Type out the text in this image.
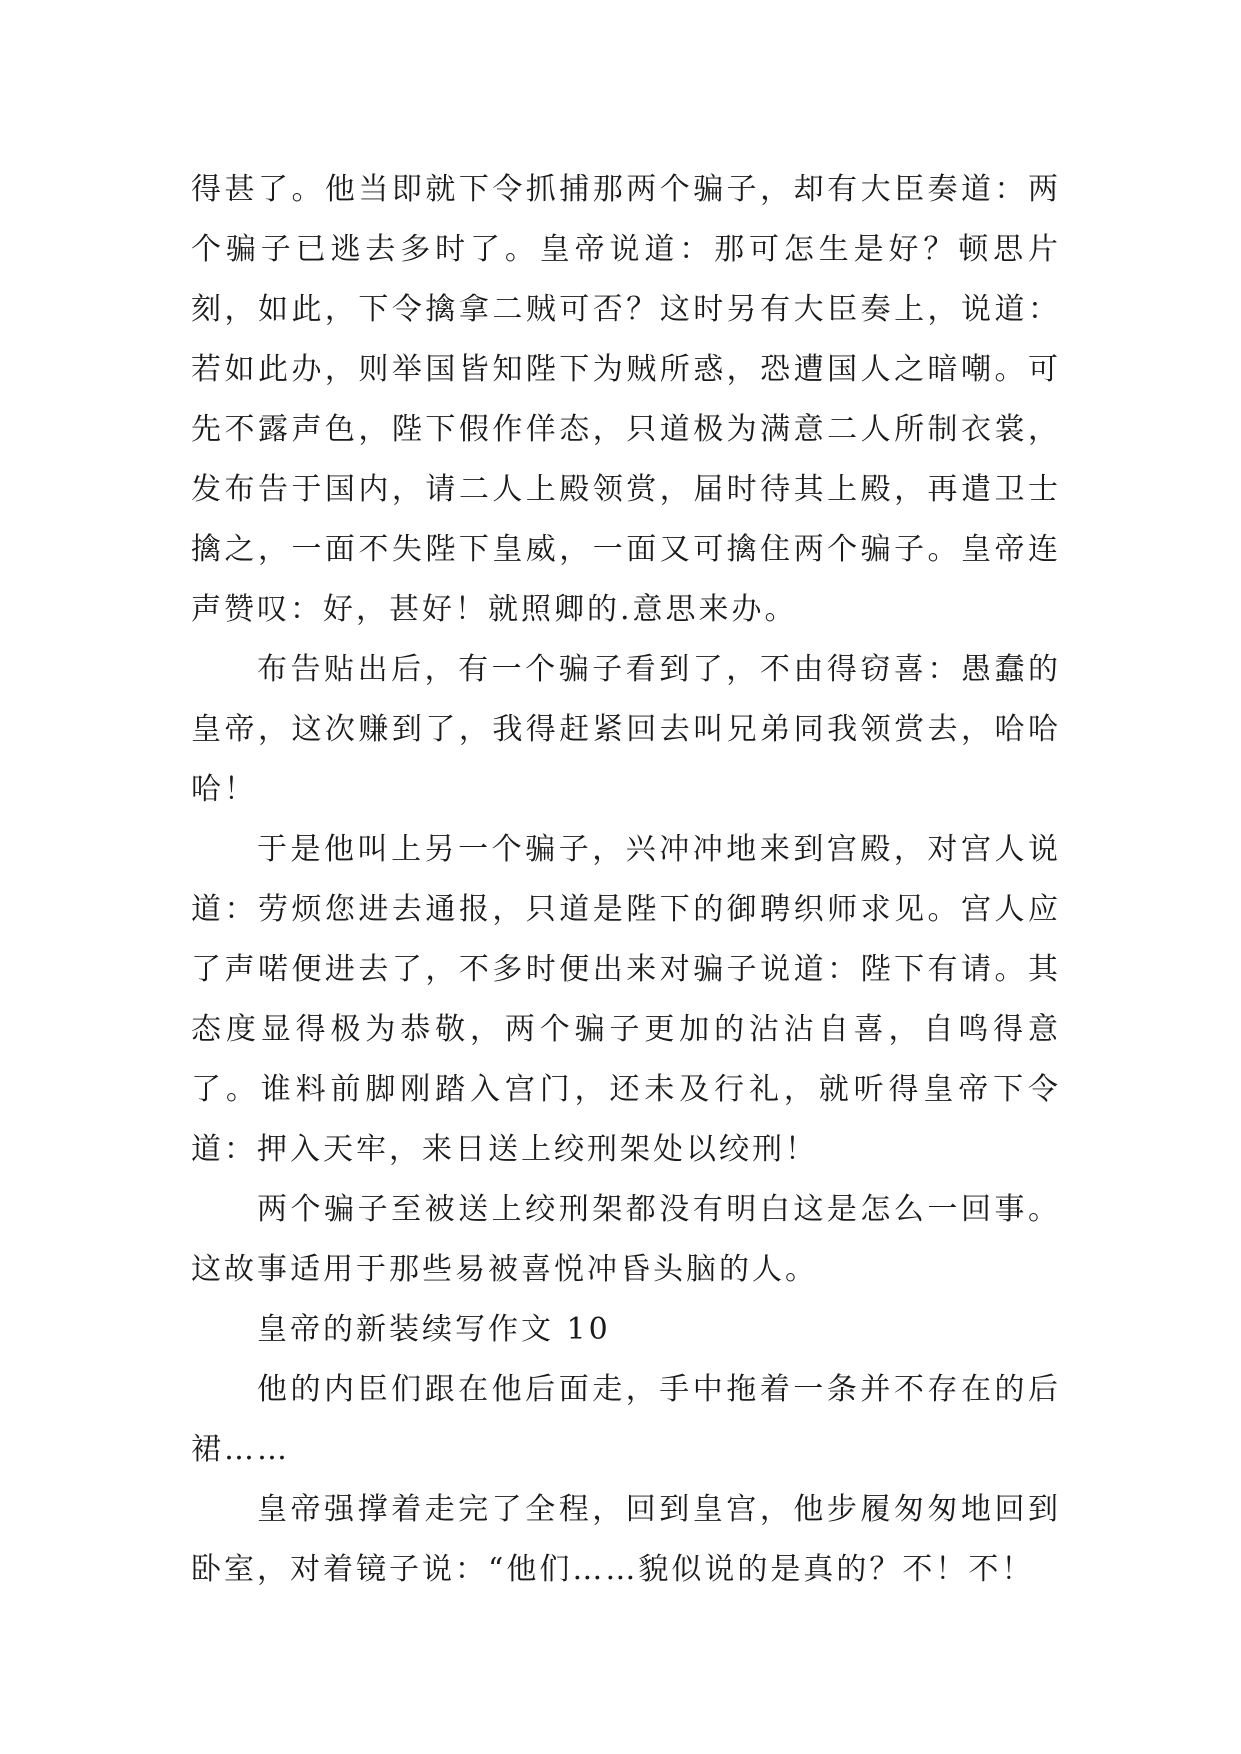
得甚了。他当即就下令抓捕那两个骗子，却有大臣奏道：两个骗子已逃去多时了。皇帝说道：那可怎生是好？顿思片刻，如此，下令擒拿二贼可否？这时另有大臣奏上，说道：若如此办，则举国皆知陛下为贼所惑，恐遭国人之暗嘲。可先不露声色，陛下假作佯态，只道极为满意二人所制衣裳，发布告于国内，请二人上殿领赏，届时待其上殿，再遣卫士擒之，一面不失陛下皇威，一面又可擒住两个骗子。皇帝连声赞叹：好，甚好！就照卿的.意思来办。

布告贴出后，有一个骗子看到了，不由得窃喜：愚蠢的皇帝，这次赚到了，我得赶紧回去叫兄弟同我领赏去，哈哈哈！

于是他叫上另一个骗子，兴冲冲地来到宫殿，对宫人说道：劳烦您进去通报，只道是陛下的御聘织师求见。宫人应了声喏便进去了，不多时便出来对骗子说道：陛下有请。其态度显得极为恭敬，两个骗子更加的沾沾自喜，自鸣得意了。谁料前脚刚踏入宫门，还未及行礼，就听得皇帝下令道：押入天牢，来日送上绞刑架处以绞刑！

两个骗子至被送上绞刑架都没有明白这是怎么一回事。这故事适用于那些易被喜悦冲昏头脑的人。

皇帝的新装续写作文 10

他的内臣们跟在他后面走，手中拖着一条并不存在的后裙……

皇帝强撑着走完了全程，回到皇宫，他步履匆匆地回到卧室，对着镜子说：“他们……貌似说的是真的？不！不！
